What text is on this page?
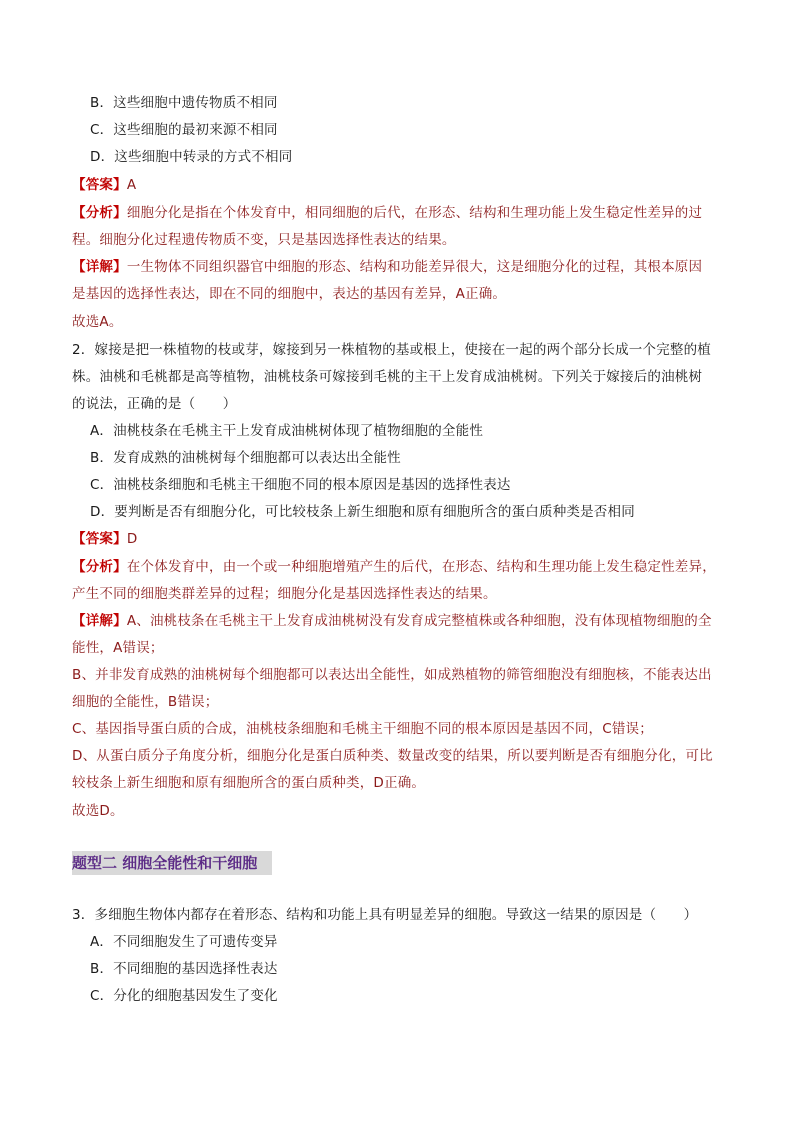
B．这些细胞中遗传物质不相同
C．这些细胞的最初来源不相同
D．这些细胞中转录的方式不相同
【答案】A
【分析】细胞分化是指在个体发育中，相同细胞的后代，在形态、结构和生理功能上发生稳定性差异的过
程。细胞分化过程遗传物质不变，只是基因选择性表达的结果。
【详解】一生物体不同组织器官中细胞的形态、结构和功能差异很大，这是细胞分化的过程，其根本原因
是基因的选择性表达，即在不同的细胞中，表达的基因有差异，A正确。
故选A。
2．嫁接是把一株植物的枝或芽，嫁接到另一株植物的基或根上，使接在一起的两个部分长成一个完整的植
株。油桃和毛桃都是高等植物，油桃枝条可嫁接到毛桃的主干上发育成油桃树。下列关于嫁接后的油桃树
的说法，正确的是（　　）
A．油桃枝条在毛桃主干上发育成油桃树体现了植物细胞的全能性
B．发育成熟的油桃树每个细胞都可以表达出全能性
C．油桃枝条细胞和毛桃主干细胞不同的根本原因是基因的选择性表达
D．要判断是否有细胞分化，可比较枝条上新生细胞和原有细胞所含的蛋白质种类是否相同
【答案】D
【分析】在个体发育中，由一个或一种细胞增殖产生的后代，在形态、结构和生理功能上发生稳定性差异，
产生不同的细胞类群差异的过程；细胞分化是基因选择性表达的结果。
【详解】A、油桃枝条在毛桃主干上发育成油桃树没有发育成完整植株或各种细胞，没有体现植物细胞的全
能性，A错误；
B、并非发育成熟的油桃树每个细胞都可以表达出全能性，如成熟植物的筛管细胞没有细胞核，不能表达出
细胞的全能性，B错误；
C、基因指导蛋白质的合成，油桃枝条细胞和毛桃主干细胞不同的根本原因是基因不同，C错误；
D、从蛋白质分子角度分析，细胞分化是蛋白质种类、数量改变的结果，所以要判断是否有细胞分化，可比
较枝条上新生细胞和原有细胞所含的蛋白质种类，D正确。
故选D。
题型二 细胞全能性和干细胞
3．多细胞生物体内都存在着形态、结构和功能上具有明显差异的细胞。导致这一结果的原因是（　　）
A．不同细胞发生了可遗传变异
B．不同细胞的基因选择性表达
C．分化的细胞基因发生了变化
